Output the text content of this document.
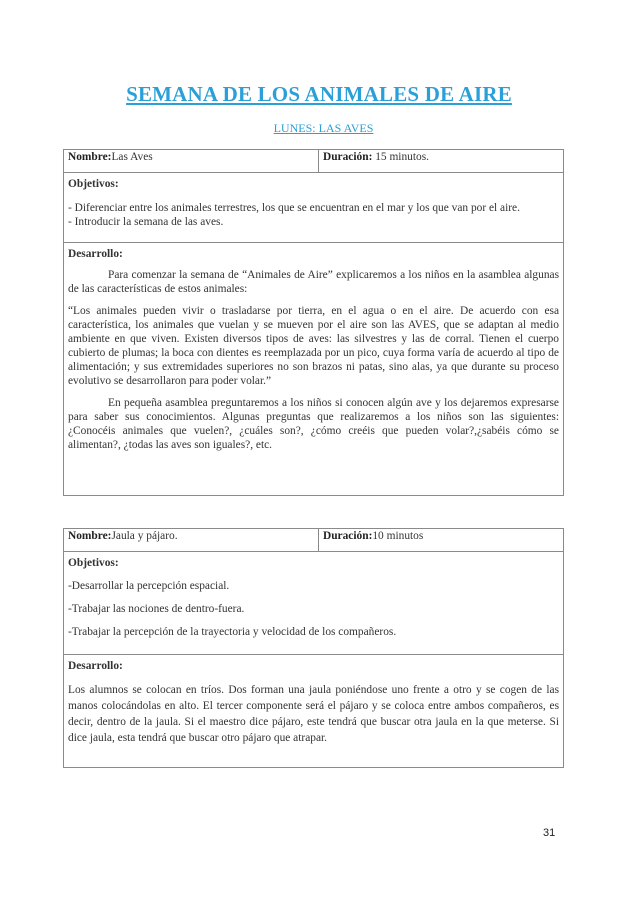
SEMANA DE LOS ANIMALES DE AIRE
LUNES: LAS AVES
Nombre:Las Aves	Duración: 15 minutos.

Objetivos:

- Diferenciar entre los animales terrestres, los que se encuentran en el mar y los que van por el aire.

- Introducir la semana de las aves.

Desarrollo:

Para comenzar la semana de “Animales de Aire” explicaremos a los niños en la asamblea algunas de las características de estos animales:

“Los animales pueden vivir o trasladarse por tierra, en el agua o en el aire. De acuerdo con esa característica, los animales que vuelan y se mueven por el aire son las AVES, que se adaptan al medio ambiente en que viven. Existen diversos tipos de aves: las silvestres y las de corral. Tienen el cuerpo cubierto de plumas; la boca con dientes es reemplazada por un pico, cuya forma varía de acuerdo al tipo de alimentación; y sus extremidades superiores no son brazos ni patas, sino alas, ya que durante su proceso evolutivo se desarrollaron para poder volar.”

En pequeña asamblea preguntaremos a los niños si conocen algún ave y los dejaremos expresarse para saber sus conocimientos. Algunas preguntas que realizaremos a los niños son las siguientes: ¿Conocéis animales que vuelen?, ¿cuáles son?, ¿cómo creéis que pueden volar?,¿sabéis cómo se alimentan?, ¿todas las aves son iguales?, etc.

Nombre:Jaula y pájaro.	Duración:10 minutos

Objetivos:

-Desarrollar la percepción espacial.

-Trabajar las nociones de dentro-fuera.

-Trabajar la percepción de la trayectoria y velocidad de los compañeros.

Desarrollo:

Los alumnos se colocan en tríos. Dos forman una jaula poniéndose uno frente a otro y se cogen de las manos colocándolas en alto. El tercer componente será el pájaro y se coloca entre ambos compañeros, es decir, dentro de la jaula. Si el maestro dice pájaro, este tendrá que buscar otra jaula en la que meterse. Si dice jaula, esta tendrá que buscar otro pájaro que atrapar.

31
